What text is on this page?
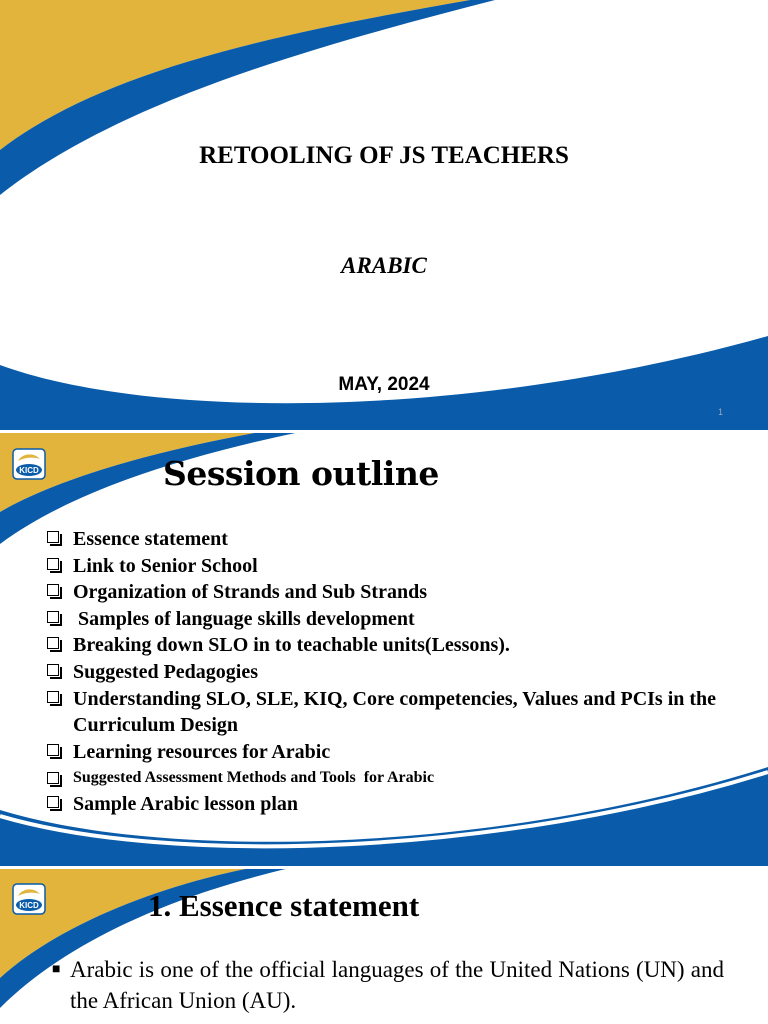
RETOOLING OF JS TEACHERS
ARABIC
MAY, 2024
1
KICD	Session outline
Essence statement
Link to Senior School
Organization of Strands and Sub Strands
Samples of language skills development
Breaking down SLO in to teachable units(Lessons).
Suggested Pedagogies
Understanding SLO, SLE, KIQ, Core competencies, Values and PCIs in the Curriculum Design
Learning resources for Arabic
Suggested Assessment Methods and Tools  for Arabic
Sample Arabic lesson plan
KICD	1. Essence statement
■ Arabic is one of the official languages of the United Nations (UN) and the African Union (AU).
